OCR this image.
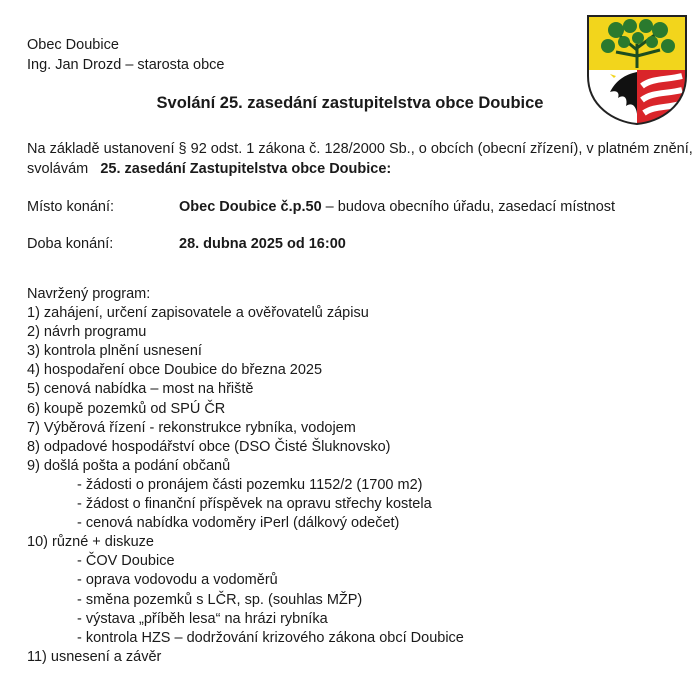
Obec Doubice
Ing. Jan Drozd – starosta obce
Svolání 25. zasedání zastupitelstva obce Doubice
Na základě ustanovení § 92 odst. 1 zákona č. 128/2000 Sb., o obcích (obecní zřízení), v platném znění, svolávám 25. zasedání Zastupitelstva obce Doubice:
Místo konání:	Obec Doubice č.p.50 – budova obecního úřadu, zasedací místnost
Doba konání:	28. dubna 2025 od 16:00
Navržený program:
1) zahájení, určení zapisovatele a ověřovatelů zápisu
2) návrh programu
3) kontrola plnění usnesení
4) hospodaření obce Doubice do března 2025
5) cenová nabídka – most na hřiště
6) koupě pozemků od SPÚ ČR
7) Výběrová řízení - rekonstrukce rybníka, vodojem
8) odpadové hospodářství obce (DSO Čisté Šluknovsko)
9) došlá pošta a podání občanů
- žádosti o pronájem části pozemku 1152/2 (1700 m2)
- žádost o finanční příspěvek na opravu střechy kostela
- cenová nabídka vodoměry iPerl (dálkový odečet)
10) různé + diskuze
- ČOV Doubice
- oprava vodovodu a vodoměrů
- směna pozemků s LČR, sp. (souhlas MŽP)
- výstava „příběh lesa“ na hrázi rybníka
- kontrola HZS – dodržování krizového zákona obcí Doubice
11) usnesení a závěr
